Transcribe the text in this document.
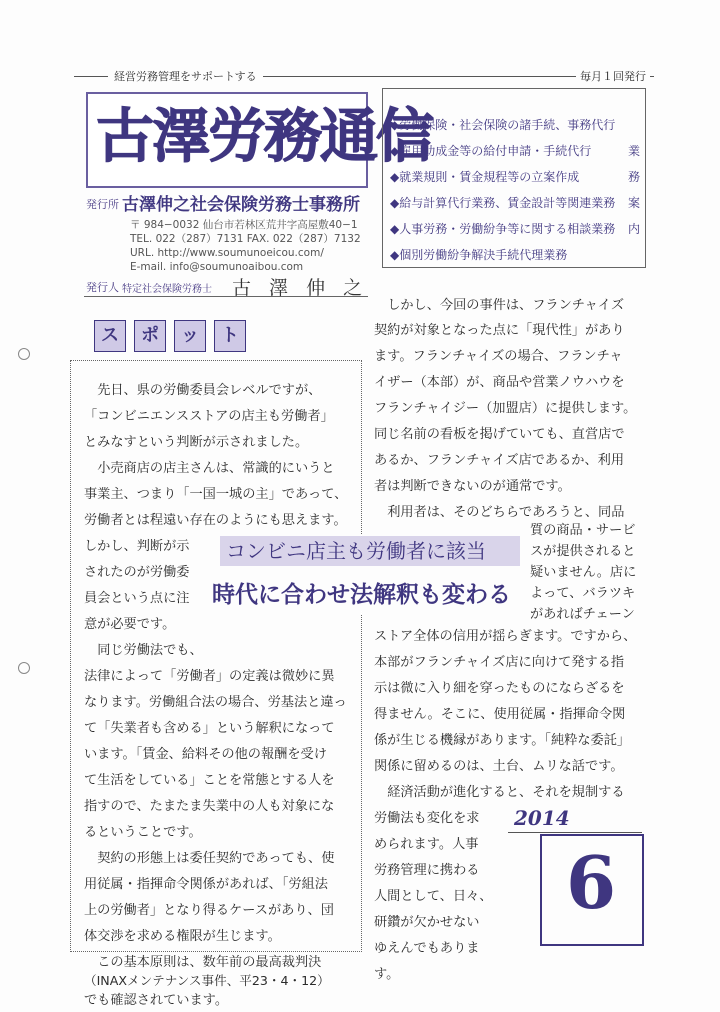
経営労務管理をサポートする	毎月１回発行
古澤労務通信
発行所 古澤伸之社会保険労務士事務所
〒 984−0032 仙台市若林区荒井字高屋敷40−1
TEL. 022（287）7131 FAX. 022（287）7132
URL. http://www.soumunoeicou.com/
E-mail. info@soumunoaibou.com
発行人 特定社会保険労務士 古 澤 伸 之
◆労働保険・社会保険の諸手続、事務代行
◆雇用助成金等の給付申請・手続代行
◆就業規則・賃金規程等の立案作成
◆給与計算代行業務、賃金設計等関連業務
◆人事労務・労働紛争等に関する相談業務
◆個別労働紛争解決手続代理業務
業
務
案
内
ス	ポ	ッ	ト
先日、県の労働委員会レベルですが、
「コンビニエンスストアの店主も労働者」
とみなすという判断が示されました。
小売商店の店主さんは、常識的にいうと
事業主、つまり「一国一城の主」であって、
労働者とは程遠い存在のようにも思えます。
しかし、判断が示
されたのが労働委
員会という点に注
意が必要です。
同じ労働法でも、
法律によって「労働者」の定義は微妙に異
なります。労働組合法の場合、労基法と違っ
て「失業者も含める」という解釈になって
います。「賃金、給料その他の報酬を受け
て生活をしている」ことを常態とする人を
指すので、たまたま失業中の人も対象にな
るということです。
契約の形態上は委任契約であっても、使
用従属・指揮命令関係があれば、「労組法
上の労働者」となり得るケースがあり、団
体交渉を求める権限が生じます。
この基本原則は、数年前の最高裁判決
（INAXメンテナンス事件、平23・4・12）
でも確認されています。
しかし、今回の事件は、フランチャイズ
契約が対象となった点に「現代性」があり
ます。フランチャイズの場合、フランチャ
イザー（本部）が、商品や営業ノウハウを
フランチャイジー（加盟店）に提供します。
同じ名前の看板を掲げていても、直営店で
あるか、フランチャイズ店であるか、利用
者は判断できないのが通常です。
利用者は、そのどちらであろうと、同品
質の商品・サービ
スが提供されると
疑いません。店に
よって、バラツキ
があればチェーン
ストア全体の信用が揺らぎます。ですから、
本部がフランチャイズ店に向けて発する指
示は微に入り細を穿ったものにならざるを
得ません。そこに、使用従属・指揮命令関
係が生じる機縁があります。「純粋な委託」
関係に留めるのは、土台、ムリな話です。
経済活動が進化すると、それを規制する
労働法も変化を求
められます。人事
労務管理に携わる
人間として、日々、
研鑽が欠かせない
ゆえんでもありま
す。
コンビニ店主も労働者に該当
時代に合わせ法解釈も変わる
2014
6
